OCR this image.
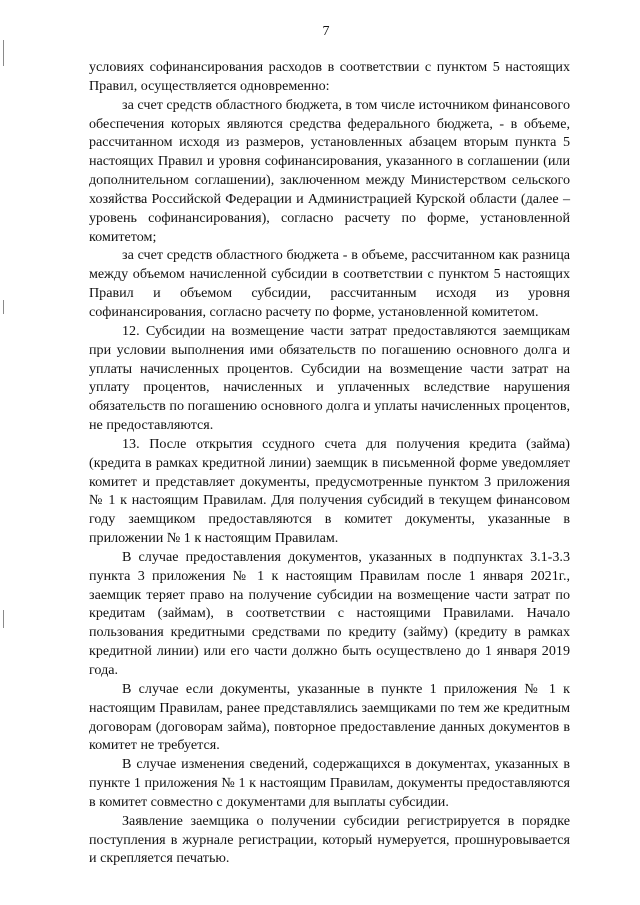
7

условиях софинансирования расходов в соответствии с пунктом 5 настоящих Правил, осуществляется одновременно:

за счет средств областного бюджета, в том числе источником финансового обеспечения которых являются средства федерального бюджета, - в объеме, рассчитанном исходя из размеров, установленных абзацем вторым пункта 5 настоящих Правил и уровня софинансирования, указанного в соглашении (или дополнительном соглашении), заключенном между Министерством сельского хозяйства Российской Федерации и Администрацией Курской области (далее – уровень софинансирования), согласно расчету по форме, установленной комитетом;

за счет средств областного бюджета - в объеме, рассчитанном как разница между объемом начисленной субсидии в соответствии с пунктом 5 настоящих Правил и объемом субсидии, рассчитанным исходя из уровня софинансирования, согласно расчету по форме, установленной комитетом.

12. Субсидии на возмещение части затрат предоставляются заемщикам при условии выполнения ими обязательств по погашению основного долга и уплаты начисленных процентов. Субсидии на возмещение части затрат на уплату процентов, начисленных и уплаченных вследствие нарушения обязательств по погашению основного долга и уплаты начисленных процентов, не предоставляются.

13. После открытия ссудного счета для получения кредита (займа) (кредита в рамках кредитной линии) заемщик в письменной форме уведомляет комитет и представляет документы, предусмотренные пунктом 3 приложения № 1 к настоящим Правилам. Для получения субсидий в текущем финансовом году заемщиком предоставляются в комитет документы, указанные в приложении № 1 к настоящим Правилам.

В случае предоставления документов, указанных в подпунктах 3.1-3.3 пункта 3 приложения № 1 к настоящим Правилам после 1 января 2021г., заемщик теряет право на получение субсидии на возмещение части затрат по кредитам (займам), в соответствии с настоящими Правилами. Начало пользования кредитными средствами по кредиту (займу) (кредиту в рамках кредитной линии) или его части должно быть осуществлено до 1 января 2019 года.

В случае если документы, указанные в пункте 1 приложения № 1 к настоящим Правилам, ранее представлялись заемщиками по тем же кредитным договорам (договорам займа), повторное предоставление данных документов в комитет не требуется.

В случае изменения сведений, содержащихся в документах, указанных в пункте 1 приложения № 1 к настоящим Правилам, документы предоставляются в комитет совместно с документами для выплаты субсидии.

Заявление заемщика о получении субсидии регистрируется в порядке поступления в журнале регистрации, который нумеруется, прошнуровывается и скрепляется печатью.
